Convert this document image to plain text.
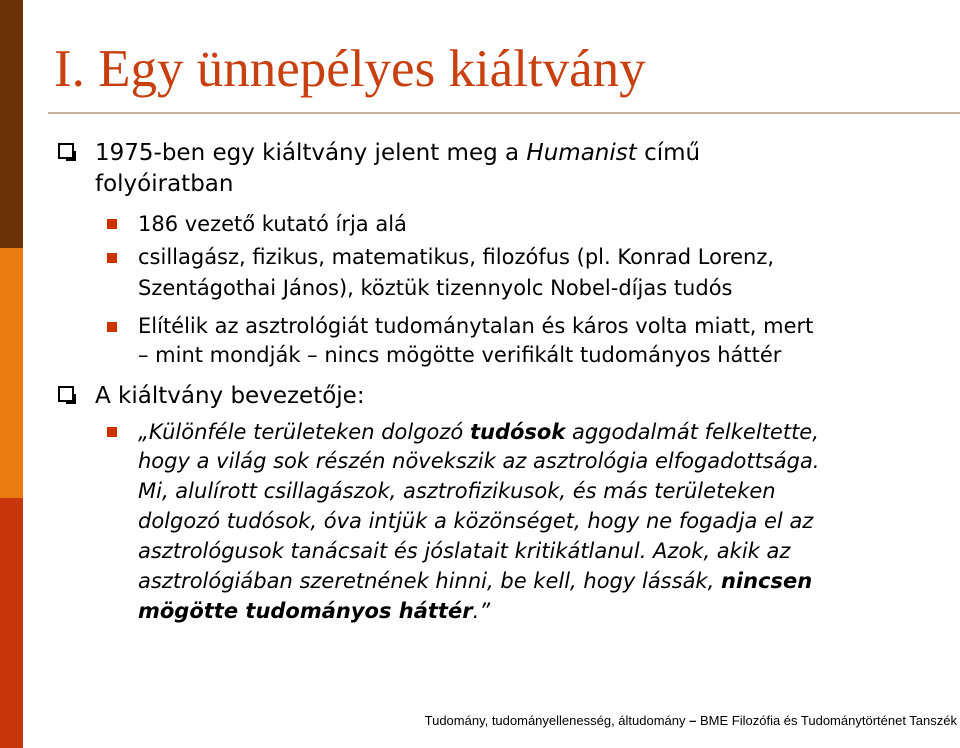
I. Egy ünnepélyes kiáltvány
1975-ben egy kiáltvány jelent meg a Humanist című
folyóiratban
186 vezető kutató írja alá
csillagász, fizikus, matematikus, filozófus (pl. Konrad Lorenz,
Szentágothai János), köztük tizennyolc Nobel-díjas tudós
Elítélik az asztrológiát tudománytalan és káros volta miatt, mert
– mint mondják – nincs mögötte verifikált tudományos háttér
A kiáltvány bevezetője:
„Különféle területeken dolgozó tudósok aggodalmát felkeltette,
hogy a világ sok részén növekszik az asztrológia elfogadottsága.
Mi, alulírott csillagászok, asztrofizikusok, és más területeken
dolgozó tudósok, óva intjük a közönséget, hogy ne fogadja el az
asztrológusok tanácsait és jóslatait kritikátlanul. Azok, akik az
asztrológiában szeretnének hinni, be kell, hogy lássák, nincsen
mögötte tudományos háttér.”
Tudomány, tudományellenesség, áltudomány – BME Filozófia és Tudománytörténet Tanszék
